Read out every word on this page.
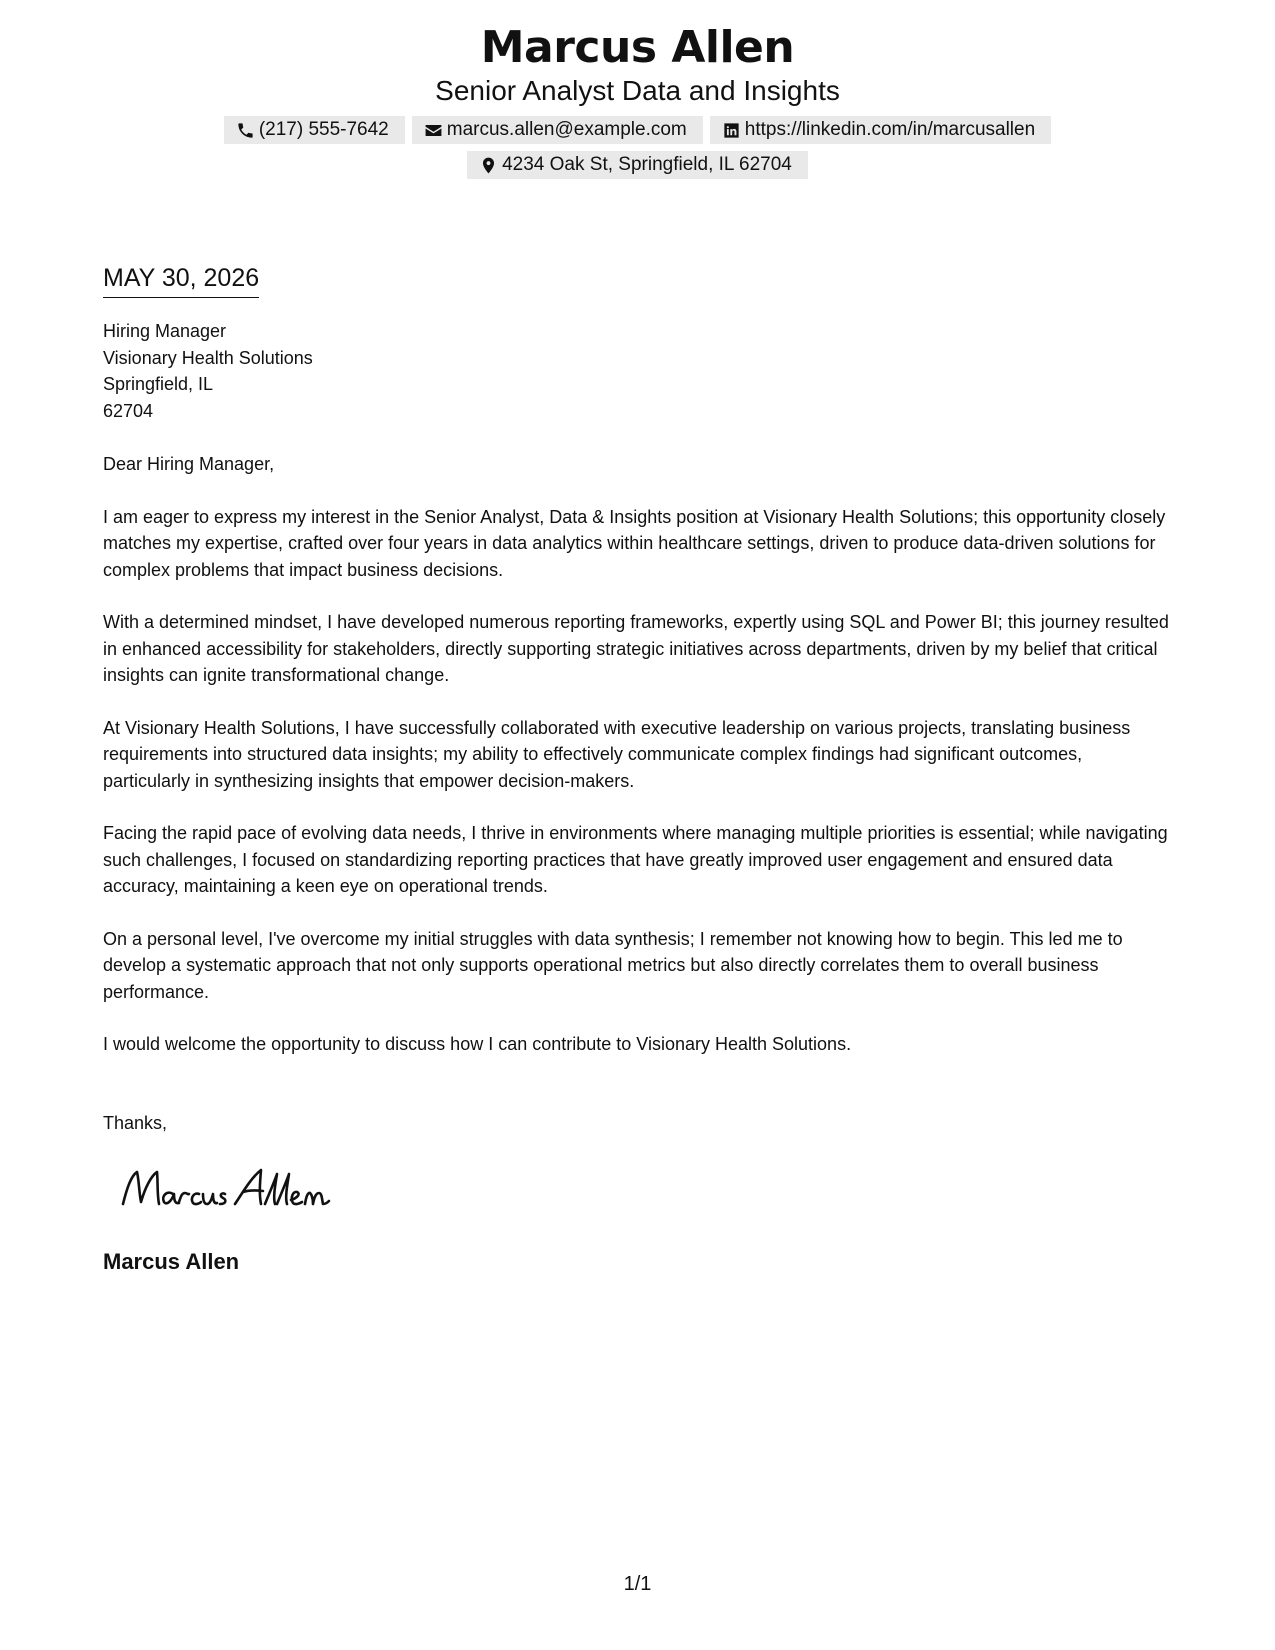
Marcus Allen
Senior Analyst Data and Insights
(217) 555-7642	marcus.allen@example.com	https://linkedin.com/in/marcusallen
4234 Oak St, Springfield, IL 62704
MAY 30, 2026
Hiring Manager
Visionary Health Solutions
Springfield, IL
62704
Dear Hiring Manager,
I am eager to express my interest in the Senior Analyst, Data & Insights position at Visionary Health Solutions; this opportunity closely matches my expertise, crafted over four years in data analytics within healthcare settings, driven to produce data-driven solutions for complex problems that impact business decisions.
With a determined mindset, I have developed numerous reporting frameworks, expertly using SQL and Power BI; this journey resulted in enhanced accessibility for stakeholders, directly supporting strategic initiatives across departments, driven by my belief that critical insights can ignite transformational change.
At Visionary Health Solutions, I have successfully collaborated with executive leadership on various projects, translating business requirements into structured data insights; my ability to effectively communicate complex findings had significant outcomes, particularly in synthesizing insights that empower decision-makers.
Facing the rapid pace of evolving data needs, I thrive in environments where managing multiple priorities is essential; while navigating such challenges, I focused on standardizing reporting practices that have greatly improved user engagement and ensured data accuracy, maintaining a keen eye on operational trends.
On a personal level, I've overcome my initial struggles with data synthesis; I remember not knowing how to begin. This led me to develop a systematic approach that not only supports operational metrics but also directly correlates them to overall business performance.
I would welcome the opportunity to discuss how I can contribute to Visionary Health Solutions.
Thanks,
Marcus Allen
1/1
